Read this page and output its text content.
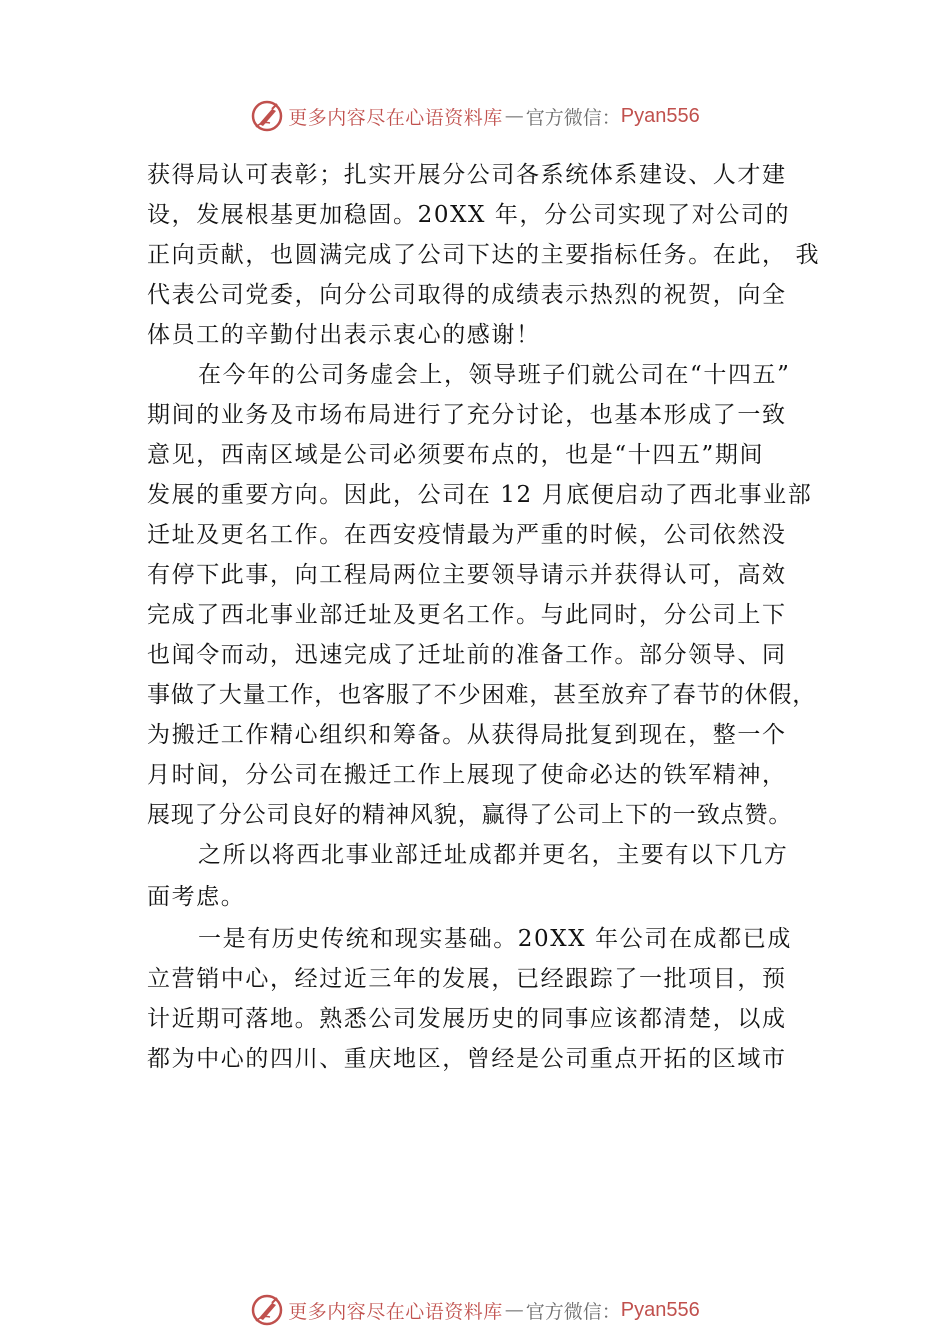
更多内容尽在心语资料库 — 官方微信： Pyan556
获得局认可表彰；扎实开展分公司各系统体系建设、人才建
设，发展根基更加稳固。20XX 年，分公司实现了对公司的
正向贡献，也圆满完成了公司下达的主要指标任务。在此， 我
代表公司党委，向分公司取得的成绩表示热烈的祝贺，向全
体员工的辛勤付出表示衷心的感谢！
在今年的公司务虚会上，领导班子们就公司在“十四五”
期间的业务及市场布局进行了充分讨论，也基本形成了一致
意见，西南区域是公司必须要布点的，也是“十四五”期间
发展的重要方向。因此，公司在 12 月底便启动了西北事业部
迁址及更名工作。在西安疫情最为严重的时候，公司依然没
有停下此事，向工程局两位主要领导请示并获得认可，高效
完成了西北事业部迁址及更名工作。与此同时，分公司上下
也闻令而动，迅速完成了迁址前的准备工作。部分领导、同
事做了大量工作，也客服了不少困难，甚至放弃了春节的休假，
为搬迁工作精心组织和筹备。从获得局批复到现在，整一个
月时间，分公司在搬迁工作上展现了使命必达的铁军精神，
展现了分公司良好的精神风貌，赢得了公司上下的一致点赞。
之所以将西北事业部迁址成都并更名，主要有以下几方
面考虑。
一是有历史传统和现实基础。20XX 年公司在成都已成
立营销中心，经过近三年的发展，已经跟踪了一批项目，预
计近期可落地。熟悉公司发展历史的同事应该都清楚，以成
都为中心的四川、重庆地区，曾经是公司重点开拓的区域市
更多内容尽在心语资料库 — 官方微信： Pyan556
